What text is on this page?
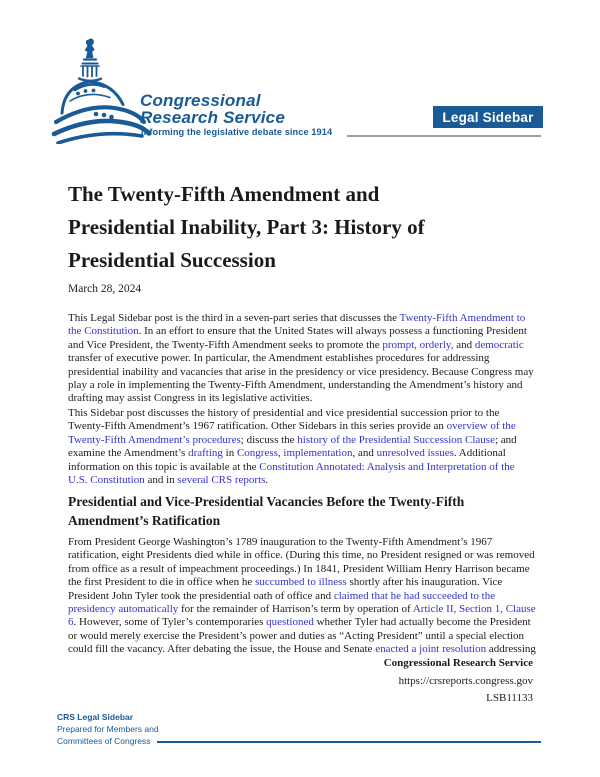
Congressional
Research Service
Informing the legislative debate since 1914
Legal Sidebar
The Twenty-Fifth Amendment and
Presidential Inability, Part 3: History of
Presidential Succession
March 28, 2024

This Legal Sidebar post is the third in a seven-part series that discusses the Twenty-Fifth Amendment to the Constitution. In an effort to ensure that the United States will always possess a functioning President and Vice President, the Twenty-Fifth Amendment seeks to promote the prompt, orderly, and democratic transfer of executive power. In particular, the Amendment establishes procedures for addressing presidential inability and vacancies that arise in the presidency or vice presidency. Because Congress may play a role in implementing the Twenty-Fifth Amendment, understanding the Amendment’s history and drafting may assist Congress in its legislative activities.

This Sidebar post discusses the history of presidential and vice presidential succession prior to the Twenty-Fifth Amendment’s 1967 ratification. Other Sidebars in this series provide an overview of the Twenty-Fifth Amendment’s procedures; discuss the history of the Presidential Succession Clause; and examine the Amendment’s drafting in Congress, implementation, and unresolved issues. Additional information on this topic is available at the Constitution Annotated: Analysis and Interpretation of the U.S. Constitution and in several CRS reports.

Presidential and Vice-Presidential Vacancies Before the Twenty-Fifth
Amendment’s Ratification

From President George Washington’s 1789 inauguration to the Twenty-Fifth Amendment’s 1967 ratification, eight Presidents died while in office. (During this time, no President resigned or was removed from office as a result of impeachment proceedings.) In 1841, President William Henry Harrison became the first President to die in office when he succumbed to illness shortly after his inauguration. Vice President John Tyler took the presidential oath of office and claimed that he had succeeded to the presidency automatically for the remainder of Harrison’s term by operation of Article II, Section 1, Clause 6. However, some of Tyler’s contemporaries questioned whether Tyler had actually become the President or would merely exercise the President’s power and duties as “Acting President” until a special election could fill the vacancy. After debating the issue, the House and Senate enacted a joint resolution addressing

Congressional Research Service
https://crsreports.congress.gov
LSB11133
CRS Legal Sidebar
Prepared for Members and
Committees of Congress
